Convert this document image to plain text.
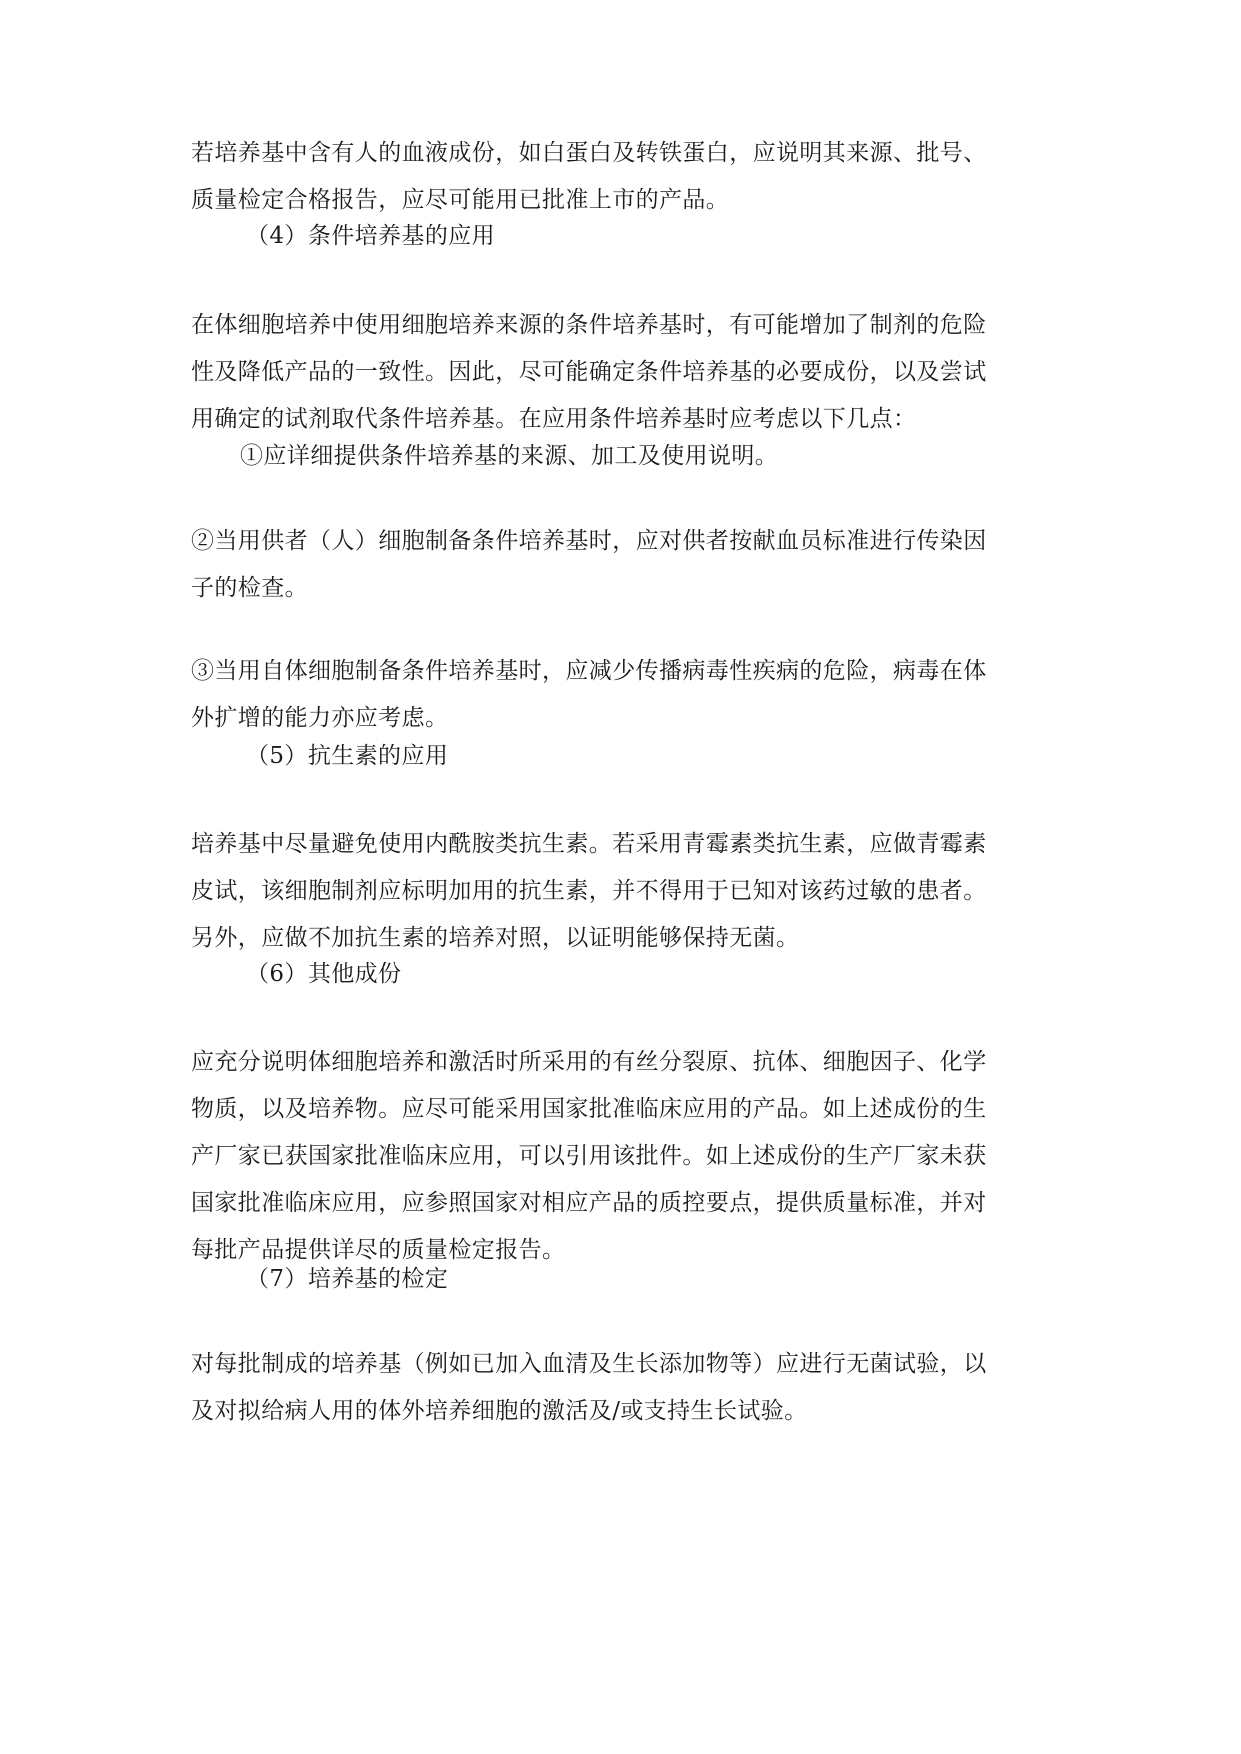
若培养基中含有人的血液成份，如白蛋白及转铁蛋白，应说明其来源、批号、
质量检定合格报告，应尽可能用已批准上市的产品。

（4）条件培养基的应用

在体细胞培养中使用细胞培养来源的条件培养基时，有可能增加了制剂的危险
性及降低产品的一致性。因此，尽可能确定条件培养基的必要成份，以及尝试
用确定的试剂取代条件培养基。在应用条件培养基时应考虑以下几点：

①应详细提供条件培养基的来源、加工及使用说明。

②当用供者（人）细胞制备条件培养基时，应对供者按献血员标准进行传染因
子的检查。

③当用自体细胞制备条件培养基时，应减少传播病毒性疾病的危险，病毒在体
外扩增的能力亦应考虑。

（5）抗生素的应用

培养基中尽量避免使用内酰胺类抗生素。若采用青霉素类抗生素，应做青霉素
皮试，该细胞制剂应标明加用的抗生素，并不得用于已知对该药过敏的患者。
另外，应做不加抗生素的培养对照，以证明能够保持无菌。

（6）其他成份

应充分说明体细胞培养和激活时所采用的有丝分裂原、抗体、细胞因子、化学
物质，以及培养物。应尽可能采用国家批准临床应用的产品。如上述成份的生
产厂家已获国家批准临床应用，可以引用该批件。如上述成份的生产厂家未获
国家批准临床应用，应参照国家对相应产品的质控要点，提供质量标准，并对
每批产品提供详尽的质量检定报告。

（7）培养基的检定

对每批制成的培养基（例如已加入血清及生长添加物等）应进行无菌试验，以
及对拟给病人用的体外培养细胞的激活及/或支持生长试验。
